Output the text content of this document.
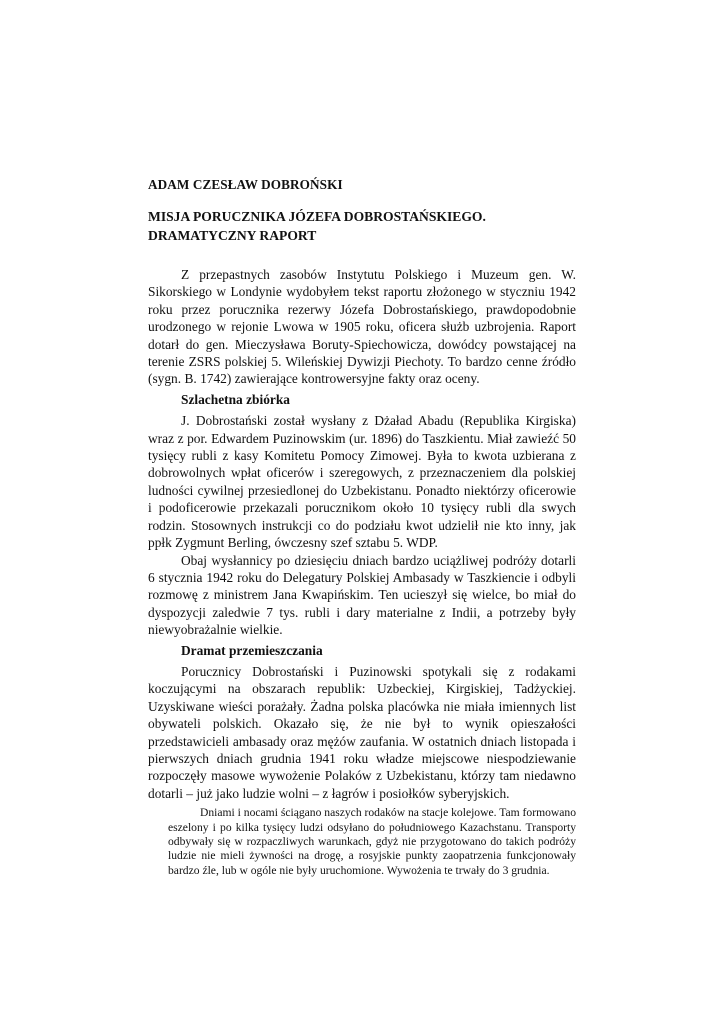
ADAM CZESŁAW DOBROŃSKI
MISJA PORUCZNIKA JÓZEFA DOBROSTAŃSKIEGO.
DRAMATYCZNY RAPORT

Z przepastnych zasobów Instytutu Polskiego i Muzeum gen. W. Sikorskiego w Londynie wydobyłem tekst raportu złożonego w styczniu 1942 roku przez porucznika rezerwy Józefa Dobrostańskiego, prawdopodobnie urodzonego w rejonie Lwowa w 1905 roku, oficera służb uzbrojenia. Raport dotarł do gen. Mieczysława Boruty-Spiechowicza, dowódcy powstającej na terenie ZSRS polskiej 5. Wileńskiej Dywizji Piechoty. To bardzo cenne źródło (sygn. B. 1742) zawierające kontrowersyjne fakty oraz oceny.

Szlachetna zbiórka

J. Dobrostański został wysłany z Dżaład Abadu (Republika Kirgiska) wraz z por. Edwardem Puzinowskim (ur. 1896) do Taszkientu. Miał zawieźć 50 tysięcy rubli z kasy Komitetu Pomocy Zimowej. Była to kwota uzbierana z dobrowolnych wpłat oficerów i szeregowych, z przeznaczeniem dla polskiej ludności cywilnej przesiedlonej do Uzbekistanu. Ponadto niektórzy oficerowie i podoficerowie przekazali porucznikom około 10 tysięcy rubli dla swych rodzin. Stosownych instrukcji co do podziału kwot udzielił nie kto inny, jak ppłk Zygmunt Berling, ówczesny szef sztabu 5. WDP.

Obaj wysłannicy po dziesięciu dniach bardzo uciążliwej podróży dotarli 6 stycznia 1942 roku do Delegatury Polskiej Ambasady w Taszkiencie i odbyli rozmowę z ministrem Jana Kwapińskim. Ten ucieszył się wielce, bo miał do dyspozycji zaledwie 7 tys. rubli i dary materialne z Indii, a potrzeby były niewyobrażalnie wielkie.

Dramat przemieszczania

Porucznicy Dobrostański i Puzinowski spotykali się z rodakami koczującymi na obszarach republik: Uzbeckiej, Kirgiskiej, Tadżyckiej. Uzyskiwane wieści porażały. Żadna polska placówka nie miała imiennych list obywateli polskich. Okazało się, że nie był to wynik opieszałości przedstawicieli ambasady oraz mężów zaufania. W ostatnich dniach listopada i pierwszych dniach grudnia 1941 roku władze miejscowe niespodziewanie rozpoczęły masowe wywożenie Polaków z Uzbekistanu, którzy tam niedawno dotarli – już jako ludzie wolni – z łagrów i posiołków syberyjskich.

Dniami i nocami ściągano naszych rodaków na stacje kolejowe. Tam formowano eszelony i po kilka tysięcy ludzi odsyłano do południowego Kazachstanu. Transporty odbywały się w rozpaczliwych warunkach, gdyż nie przygotowano do takich podróży ludzie nie mieli żywności na drogę, a rosyjskie punkty zaopatrzenia funkcjonowały bardzo źle, lub w ogóle nie były uruchomione. Wywożenia te trwały do 3 grudnia.
